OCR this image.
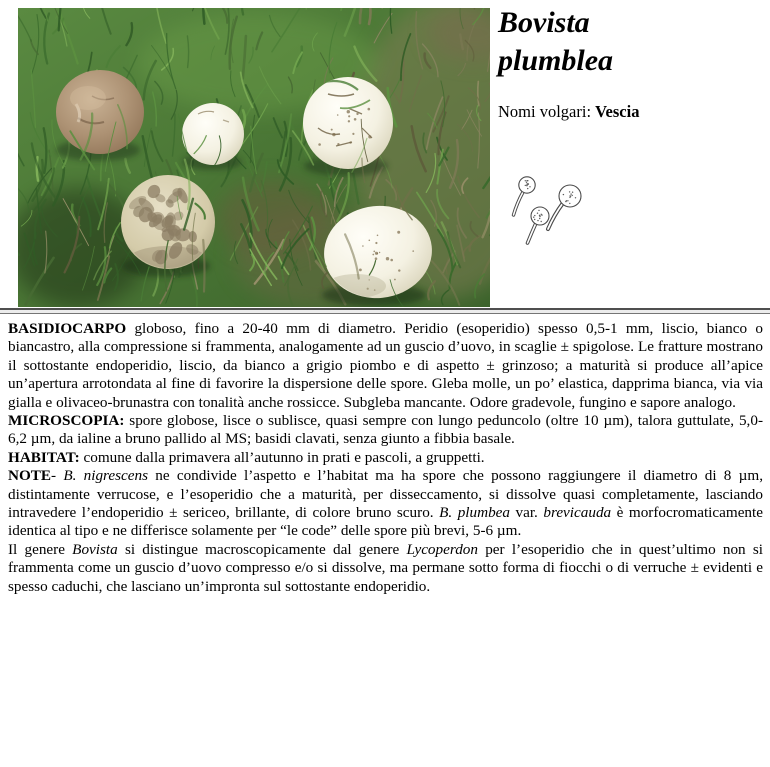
Bovista plumblea

Nomi volgari: Vescia

BASIDIOCARPO globoso, fino a 20-40 mm di diametro. Peridio (esoperidio) spesso 0,5-1 mm, liscio, bianco o biancastro, alla compressione si frammenta, analogamente ad un guscio d’uovo, in scaglie ± spigolose. Le fratture mostrano il sottostante endoperidio, liscio, da bianco a grigio piombo e di aspetto ± grinzoso; a maturità si produce all’apice un’apertura arrotondata al fine di favorire la dispersione delle spore. Gleba molle, un po’ elastica, dapprima bianca, via via gialla e olivaceo-brunastra con tonalità anche rossicce. Subgleba mancante. Odore gradevole, fungino e sapore analogo.

MICROSCOPIA: spore globose, lisce o sublisce, quasi sempre con lungo peduncolo (oltre 10 µm), talora guttulate, 5,0-6,2 µm, da ialine a bruno pallido al MS; basidi clavati, senza giunto a fibbia basale.

HABITAT: comune dalla primavera all’autunno in prati e pascoli, a gruppetti.

NOTE- B. nigrescens ne condivide l’aspetto e l’habitat ma ha spore che possono raggiungere il diametro di 8 µm, distintamente verrucose, e l’esoperidio che a maturità, per disseccamento, si dissolve quasi completamente, lasciando intravedere l’endoperidio ± sericeo, brillante, di colore bruno scuro. B. plumbea var. brevicauda è morfocromaticamente identica al tipo e ne differisce solamente per “le code” delle spore più brevi, 5-6 µm.

Il genere Bovista si distingue macroscopicamente dal genere Lycoperdon per l’esoperidio che in quest’ultimo non si frammenta come un guscio d’uovo compresso e/o si dissolve, ma permane sotto forma di fiocchi o di verruche ± evidenti e spesso caduchi, che lasciano un’impronta sul sottostante endoperidio.
